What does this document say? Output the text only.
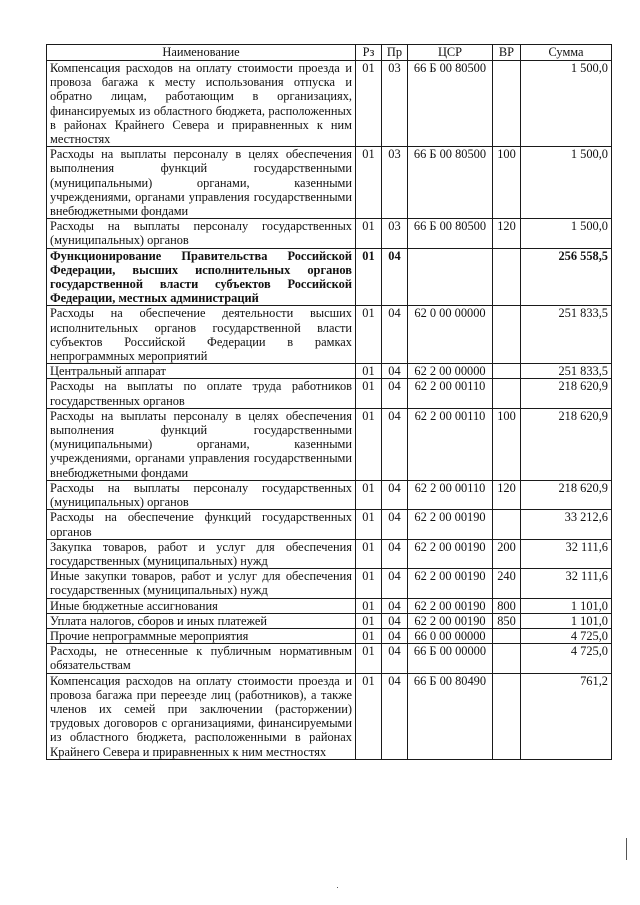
Наименование	Рз	Пр	ЦСР	ВР	Сумма
Компенсация расходов на оплату стоимости проезда и провоза багажа к месту использования отпуска и обратно лицам, работающим в организациях, финансируемых из областного бюджета, расположенных в районах Крайнего Севера и приравненных к ним местностях	01	03	66 Б 00 80500		1 500,0
Расходы на выплаты персоналу в целях обеспечения выполнения функций государственными (муниципальными) органами, казенными учреждениями, органами управления государственными внебюджетными фондами	01	03	66 Б 00 80500	100	1 500,0
Расходы на выплаты персоналу государственных (муниципальных) органов	01	03	66 Б 00 80500	120	1 500,0
Функционирование Правительства Российской Федерации, высших исполнительных органов государственной власти субъектов Российской Федерации, местных администраций	01	04			256 558,5
Расходы на обеспечение деятельности высших исполнительных органов государственной власти субъектов Российской Федерации в рамках непрограммных мероприятий	01	04	62 0 00 00000		251 833,5
Центральный аппарат	01	04	62 2 00 00000		251 833,5
Расходы на выплаты по оплате труда работников государственных органов	01	04	62 2 00 00110		218 620,9
Расходы на выплаты персоналу в целях обеспечения выполнения функций государственными (муниципальными) органами, казенными учреждениями, органами управления государственными внебюджетными фондами	01	04	62 2 00 00110	100	218 620,9
Расходы на выплаты персоналу государственных (муниципальных) органов	01	04	62 2 00 00110	120	218 620,9
Расходы на обеспечение функций государственных органов	01	04	62 2 00 00190		33 212,6
Закупка товаров, работ и услуг для обеспечения государственных (муниципальных) нужд	01	04	62 2 00 00190	200	32 111,6
Иные закупки товаров, работ и услуг для обеспечения государственных (муниципальных) нужд	01	04	62 2 00 00190	240	32 111,6
Иные бюджетные ассигнования	01	04	62 2 00 00190	800	1 101,0
Уплата налогов, сборов и иных платежей	01	04	62 2 00 00190	850	1 101,0
Прочие непрограммные мероприятия	01	04	66 0 00 00000		4 725,0
Расходы, не отнесенные к публичным нормативным обязательствам	01	04	66 Б 00 00000		4 725,0
Компенсация расходов на оплату стоимости проезда и провоза багажа при переезде лиц (работников), а также членов их семей при заключении (расторжении) трудовых договоров с организациями, финансируемыми из областного бюджета, расположенными в районах Крайнего Севера и приравненных к ним местностях	01	04	66 Б 00 80490		761,2
